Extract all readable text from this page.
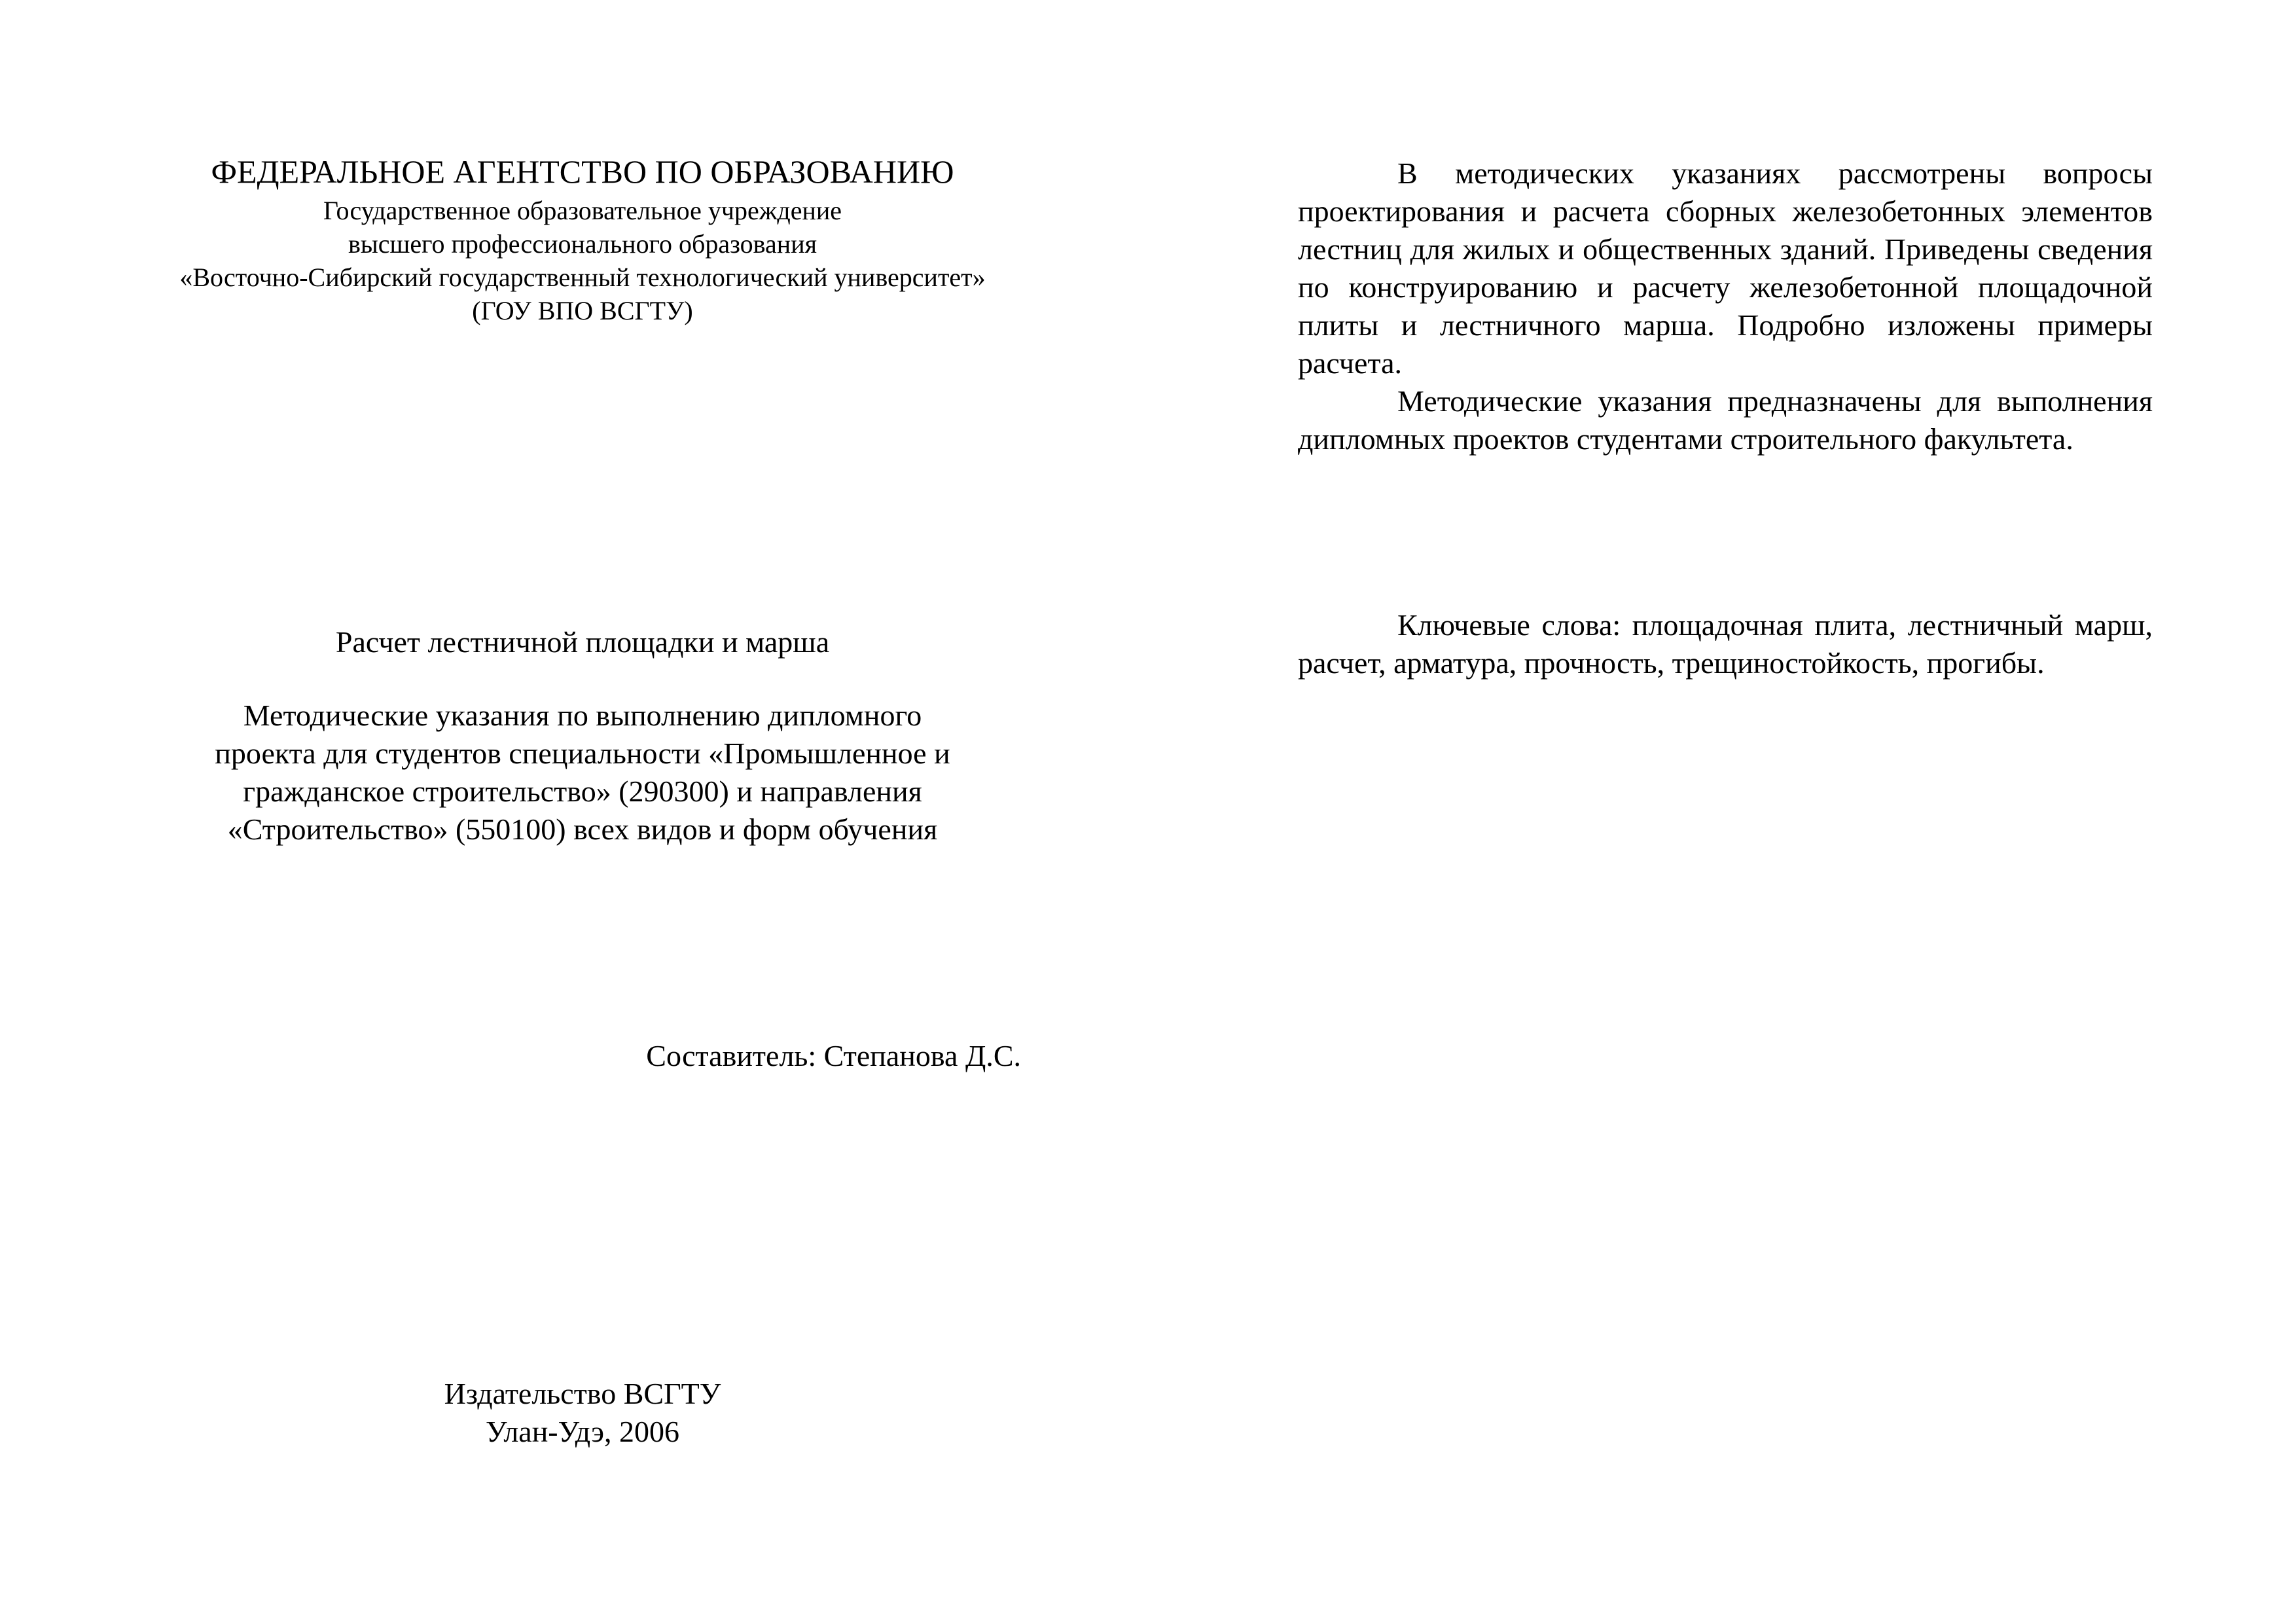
ФЕДЕРАЛЬНОЕ АГЕНТСТВО ПО ОБРАЗОВАНИЮ
Государственное образовательное учреждение
высшего профессионального образования
«Восточно-Сибирский государственный технологический университет»
(ГОУ ВПО ВСГТУ)
Расчет лестничной площадки и марша
Методические указания по выполнению дипломного
проекта для студентов специальности «Промышленное и
гражданское строительство» (290300) и направления
«Строительство» (550100) всех видов и форм обучения
Составитель: Степанова Д.С.
Издательство ВСГТУ
Улан-Удэ, 2006

В методических указаниях рассмотрены вопросы проектирования и расчета сборных железобетонных элементов лестниц для жилых и общественных зданий. Приведены сведения по конструированию и расчету железобетонной площадочной плиты и лестничного марша. Подробно изложены примеры расчета.

Методические указания предназначены для выполнения дипломных проектов студентами строительного факультета.

Ключевые слова: площадочная плита, лестничный марш, расчет, арматура, прочность, трещиностойкость, прогибы.
